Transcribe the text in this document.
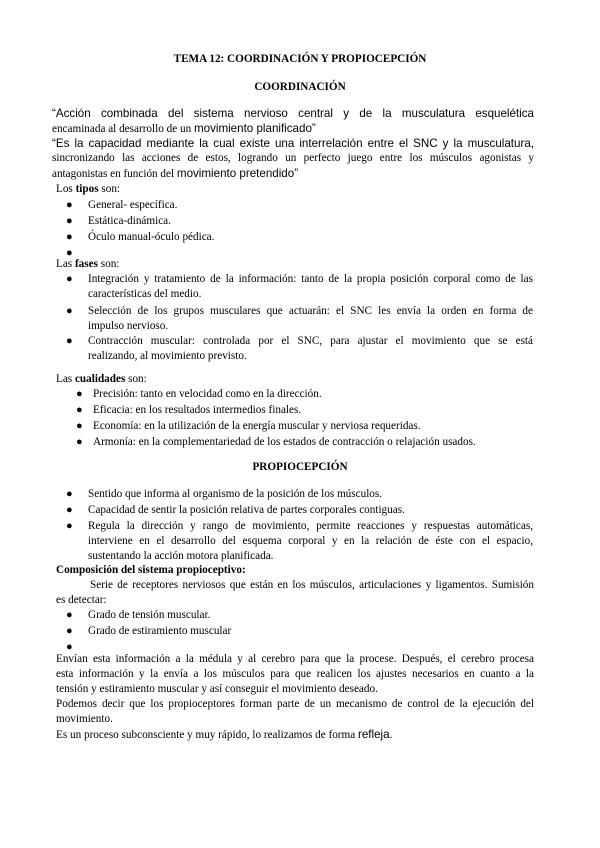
TEMA 12: COORDINACIÓN Y PROPIOCEPCIÓN
COORDINACIÓN
“Acción combinada del sistema nervioso central y de la musculatura esquelética
encaminada al desarrollo de un movimiento planificado”
“Es la capacidad mediante la cual existe una interrelación entre el SNC y la musculatura,
sincronizando las acciones de estos, logrando un perfecto juego entre los músculos agonistas y
antagonistas en función del movimiento pretendido”
Los tipos son:
● General- específica.
● Estática-dinámica.
● Óculo manual-óculo pédica.
●
Las fases son:
● Integración y tratamiento de la información: tanto de la propia posición corporal como de las
características del medio.
● Selección de los grupos musculares que actuarán: el SNC les envía la orden en forma de
impulso nervioso.
● Contracción muscular: controlada por el SNC, para ajustar el movimiento que se está
realizando, al movimiento previsto.
Las cualidades son:
● Precisión: tanto en velocidad como en la dirección.
● Eficacia: en los resultados intermedios finales.
● Economía: en la utilización de la energía muscular y nerviosa requeridas.
● Armonía: en la complementariedad de los estados de contracción o relajación usados.
PROPIOCEPCIÓN
● Sentido que informa al organismo de la posición de los músculos.
● Capacidad de sentir la posición relativa de partes corporales contiguas.
● Regula la dirección y rango de movimiento, permite reacciones y respuestas automáticas,
interviene en el desarrollo del esquema corporal y en la relación de éste con el espacio,
sustentando la acción motora planificada.
Composición del sistema propioceptivo:
Serie de receptores nerviosos que están en los músculos, articulaciones y ligamentos. Sumisión
es detectar:
● Grado de tensión muscular.
● Grado de estiramiento muscular
●
Envían esta información a la médula y al cerebro para que la procese. Después, el cerebro procesa
esta información y la envía a los músculos para que realicen los ajustes necesarios en cuanto a la
tensión y estiramiento muscular y así conseguir el movimiento deseado.
Podemos decir que los propioceptores forman parte de un mecanismo de control de la ejecución del
movimiento.
Es un proceso subconsciente y muy rápido, lo realizamos de forma refleja.
